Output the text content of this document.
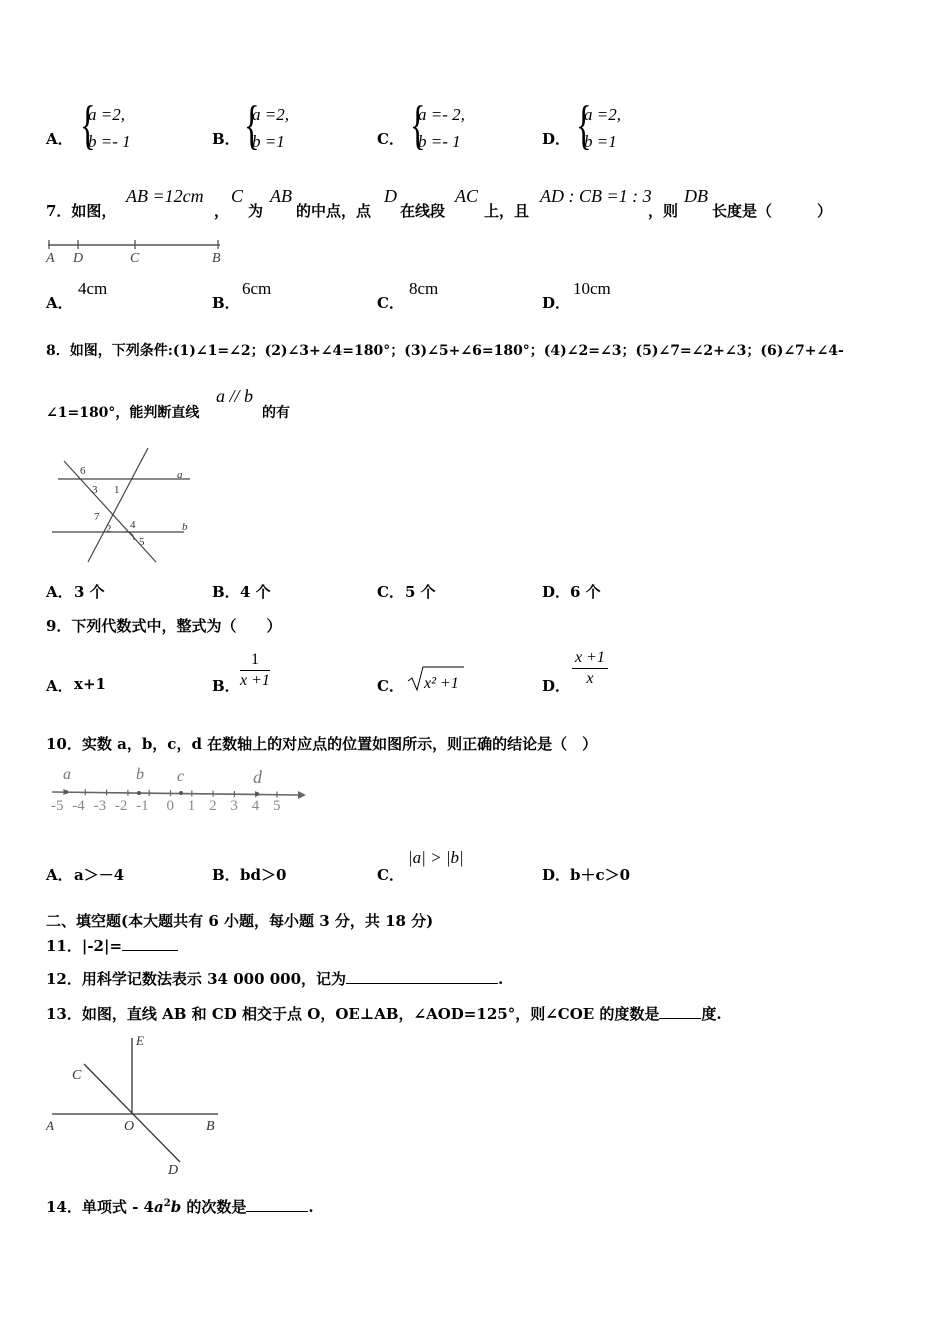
A． {
a =2,
b =- 1	B． {
a =2,
b =1	C． {
a =- 2,
b =- 1	D． {
a =2,
b =1
7．如图，
AB =12cm
，
C
为
AB
的中点，点
D
在线段
AC
上，且
AD : CB =1 : 3
，则
DB
长度是（　　　）
A D	C	B
A．
4cm
B．
6cm
C．
8cm
D．
10cm
8．如图，下列条件:(1)∠1=∠2；(2)∠3+∠4=180°；(3)∠5+∠6=180°；(4)∠2=∠3；(5)∠7=∠2+∠3；(6)∠7+∠4-
∠1=180°，能判断直线
a // b
的有
6
3 1
a
7
2 4	b
5
A． 3 个	B． 4 个	C． 5 个	D． 6 个
9．下列代数式中，整式为（　　）
A． x+1	B． $\frac{1}{x +1}$	C． x² +1	D． $\frac{x +1}{x}$
10．实数 a，b，c，d 在数轴上的对应点的位置如图所示，则正确的结论是（　）
-5 -4 -3 -2 -1 0 1 2 3 4 5
a	b c	d
A． a＞－4	B． bd＞0	C．
|a| > |b|
D． b＋c＞0
二、填空题(本大题共有 6 小题，每小题 3 分，共 18 分)
11．|-2|=
12．用科学记数法表示 34 000 000，记为	.
13．如图，直线 AB 和 CD 相交于点 O，OE⊥AB，∠AOD=125°，则∠COE 的度数是	度.
E
C
A	O	B
D
14．单项式 - $4a^2b$ 的次数是	.
